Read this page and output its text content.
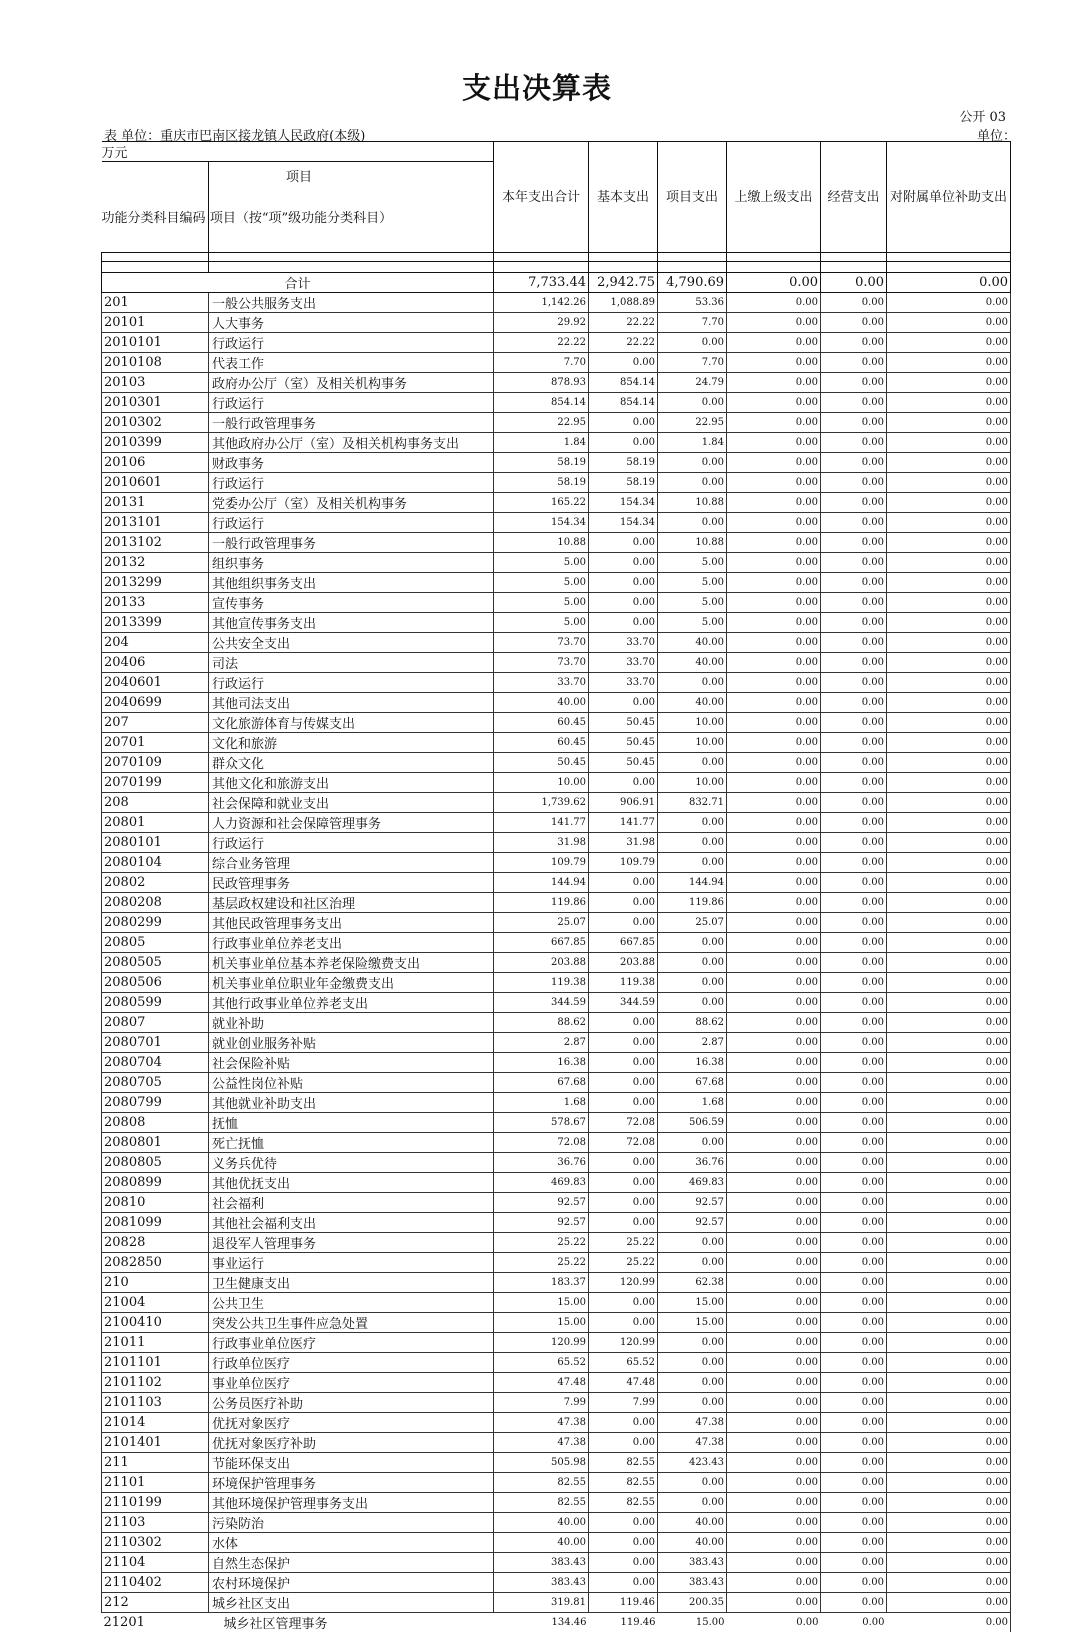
支出决算表
公开 03
表 单位：重庆市巴南区接龙镇人民政府(本级)	单位：
万元		本年支出合计	基本支出	项目支出	上缴上级支出	经营支出	对附属单位补助支出
功能分类科目编码	项目
项目（按“项”级功能分类科目）						

合计		7,733.44	2,942.75	4,790.69	0.00	0.00	0.00
201	一般公共服务支出	1,142.26	1,088.89	53.36	0.00	0.00	0.00
20101	人大事务	29.92	22.22	7.70	0.00	0.00	0.00
2010101	行政运行	22.22	22.22	0.00	0.00	0.00	0.00
2010108	代表工作	7.70	0.00	7.70	0.00	0.00	0.00
20103	政府办公厅（室）及相关机构事务	878.93	854.14	24.79	0.00	0.00	0.00
2010301	行政运行	854.14	854.14	0.00	0.00	0.00	0.00
2010302	一般行政管理事务	22.95	0.00	22.95	0.00	0.00	0.00
2010399	其他政府办公厅（室）及相关机构事务支出	1.84	0.00	1.84	0.00	0.00	0.00
20106	财政事务	58.19	58.19	0.00	0.00	0.00	0.00
2010601	行政运行	58.19	58.19	0.00	0.00	0.00	0.00
20131	党委办公厅（室）及相关机构事务	165.22	154.34	10.88	0.00	0.00	0.00
2013101	行政运行	154.34	154.34	0.00	0.00	0.00	0.00
2013102	一般行政管理事务	10.88	0.00	10.88	0.00	0.00	0.00
20132	组织事务	5.00	0.00	5.00	0.00	0.00	0.00
2013299	其他组织事务支出	5.00	0.00	5.00	0.00	0.00	0.00
20133	宣传事务	5.00	0.00	5.00	0.00	0.00	0.00
2013399	其他宣传事务支出	5.00	0.00	5.00	0.00	0.00	0.00
204	公共安全支出	73.70	33.70	40.00	0.00	0.00	0.00
20406	司法	73.70	33.70	40.00	0.00	0.00	0.00
2040601	行政运行	33.70	33.70	0.00	0.00	0.00	0.00
2040699	其他司法支出	40.00	0.00	40.00	0.00	0.00	0.00
207	文化旅游体育与传媒支出	60.45	50.45	10.00	0.00	0.00	0.00
20701	文化和旅游	60.45	50.45	10.00	0.00	0.00	0.00
2070109	群众文化	50.45	50.45	0.00	0.00	0.00	0.00
2070199	其他文化和旅游支出	10.00	0.00	10.00	0.00	0.00	0.00
208	社会保障和就业支出	1,739.62	906.91	832.71	0.00	0.00	0.00
20801	人力资源和社会保障管理事务	141.77	141.77	0.00	0.00	0.00	0.00
2080101	行政运行	31.98	31.98	0.00	0.00	0.00	0.00
2080104	综合业务管理	109.79	109.79	0.00	0.00	0.00	0.00
20802	民政管理事务	144.94	0.00	144.94	0.00	0.00	0.00
2080208	基层政权建设和社区治理	119.86	0.00	119.86	0.00	0.00	0.00
2080299	其他民政管理事务支出	25.07	0.00	25.07	0.00	0.00	0.00
20805	行政事业单位养老支出	667.85	667.85	0.00	0.00	0.00	0.00
2080505	机关事业单位基本养老保险缴费支出	203.88	203.88	0.00	0.00	0.00	0.00
2080506	机关事业单位职业年金缴费支出	119.38	119.38	0.00	0.00	0.00	0.00
2080599	其他行政事业单位养老支出	344.59	344.59	0.00	0.00	0.00	0.00
20807	就业补助	88.62	0.00	88.62	0.00	0.00	0.00
2080701	就业创业服务补贴	2.87	0.00	2.87	0.00	0.00	0.00
2080704	社会保险补贴	16.38	0.00	16.38	0.00	0.00	0.00
2080705	公益性岗位补贴	67.68	0.00	67.68	0.00	0.00	0.00
2080799	其他就业补助支出	1.68	0.00	1.68	0.00	0.00	0.00
20808	抚恤	578.67	72.08	506.59	0.00	0.00	0.00
2080801	死亡抚恤	72.08	72.08	0.00	0.00	0.00	0.00
2080805	义务兵优待	36.76	0.00	36.76	0.00	0.00	0.00
2080899	其他优抚支出	469.83	0.00	469.83	0.00	0.00	0.00
20810	社会福利	92.57	0.00	92.57	0.00	0.00	0.00
2081099	其他社会福利支出	92.57	0.00	92.57	0.00	0.00	0.00
20828	退役军人管理事务	25.22	25.22	0.00	0.00	0.00	0.00
2082850	事业运行	25.22	25.22	0.00	0.00	0.00	0.00
210	卫生健康支出	183.37	120.99	62.38	0.00	0.00	0.00
21004	公共卫生	15.00	0.00	15.00	0.00	0.00	0.00
2100410	突发公共卫生事件应急处置	15.00	0.00	15.00	0.00	0.00	0.00
21011	行政事业单位医疗	120.99	120.99	0.00	0.00	0.00	0.00
2101101	行政单位医疗	65.52	65.52	0.00	0.00	0.00	0.00
2101102	事业单位医疗	47.48	47.48	0.00	0.00	0.00	0.00
2101103	公务员医疗补助	7.99	7.99	0.00	0.00	0.00	0.00
21014	优抚对象医疗	47.38	0.00	47.38	0.00	0.00	0.00
2101401	优抚对象医疗补助	47.38	0.00	47.38	0.00	0.00	0.00
211	节能环保支出	505.98	82.55	423.43	0.00	0.00	0.00
21101	环境保护管理事务	82.55	82.55	0.00	0.00	0.00	0.00
2110199	其他环境保护管理事务支出	82.55	82.55	0.00	0.00	0.00	0.00
21103	污染防治	40.00	0.00	40.00	0.00	0.00	0.00
2110302	水体	40.00	0.00	40.00	0.00	0.00	0.00
21104	自然生态保护	383.43	0.00	383.43	0.00	0.00	0.00
2110402	农村环境保护	383.43	0.00	383.43	0.00	0.00	0.00
212	城乡社区支出	319.81	119.46	200.35	0.00	0.00	0.00
21201	城乡社区管理事务	134.46	119.46	15.00	0.00	0.00	0.00
